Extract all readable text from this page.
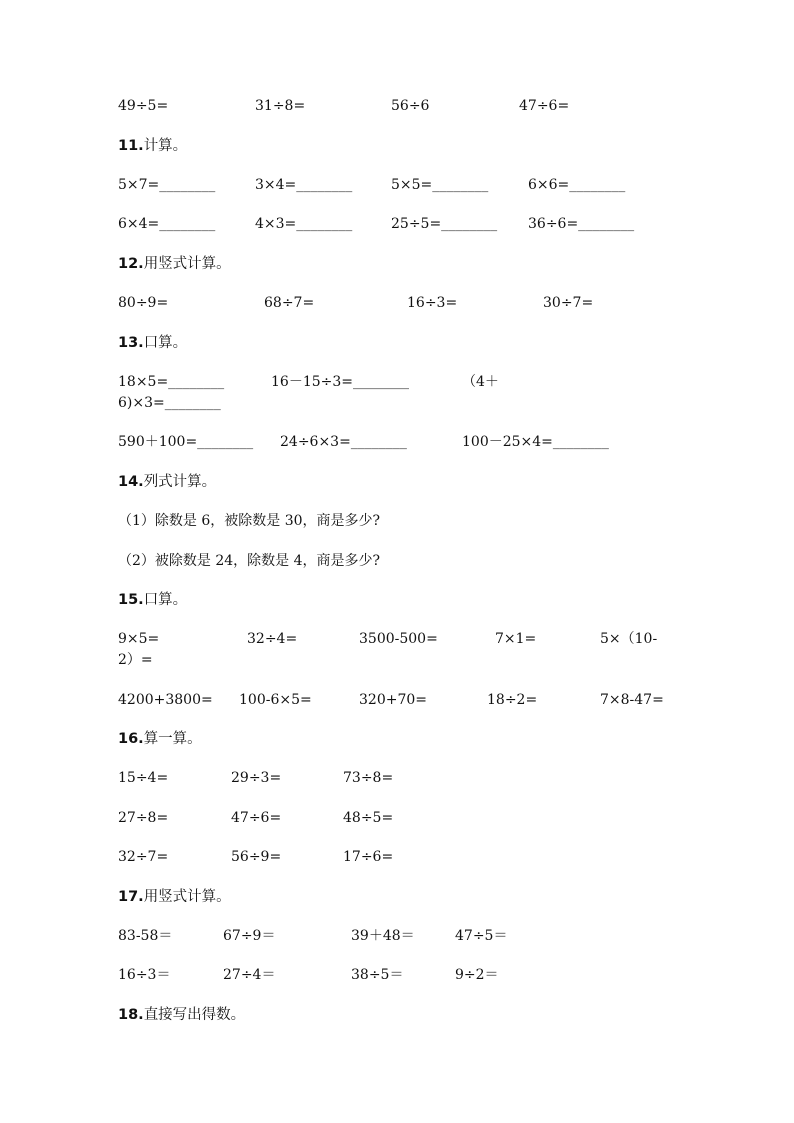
49÷5=	31÷8=	56÷6	47÷6=
11.计算。
5×7=________	3×4=________	5×5=________	6×6=________
6×4=________	4×3=________	25÷5=________ 36÷6=________
12.用竖式计算。
80÷9=	68÷7=	16÷3=	30÷7=
13.口算。
18×5=________	16－15÷3=________	（4＋
6)×3=________
590＋100=________ 24÷6×3=________	100－25×4=________
14.列式计算。
（1）除数是 6，被除数是 30，商是多少?
（2）被除数是 24，除数是 4，商是多少?
15.口算。
9×5=	32÷4=	3500-500=	7×1=	5×（10-
2）=
4200+3800= 100-6×5=	320+70=	18÷2=	7×8-47=
16.算一算。
15÷4=	29÷3=	73÷8=
27÷8=	47÷6=	48÷5=
32÷7=	56÷9=	17÷6=
17.用竖式计算。
83-58＝	67÷9＝	39＋48＝	47÷5＝
16÷3＝	27÷4＝	38÷5＝	9÷2＝
18.直接写出得数。
